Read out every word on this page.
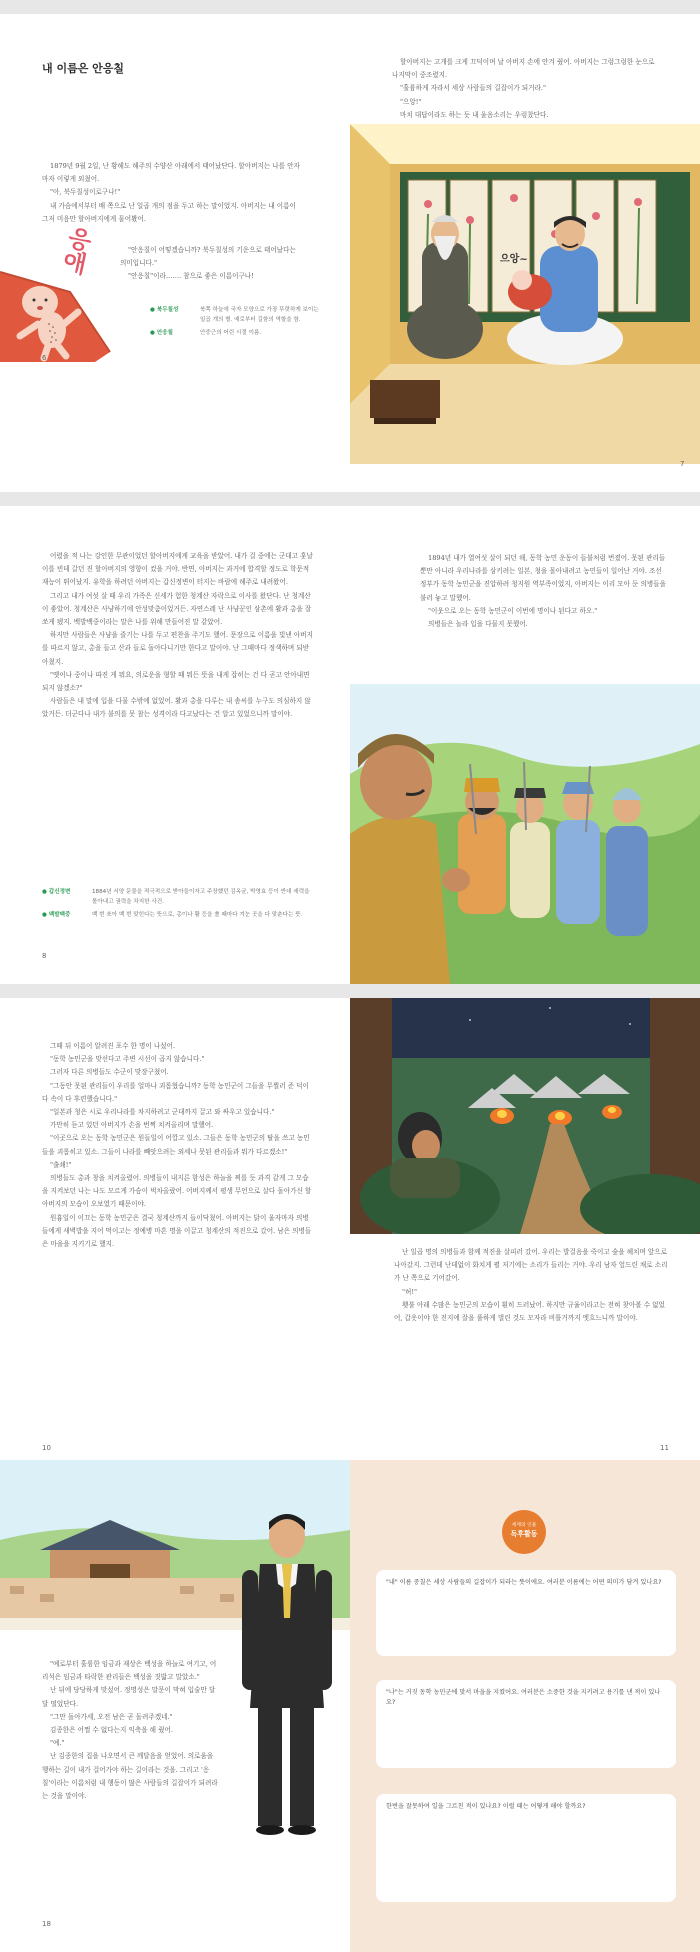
내 이름은 안응칠

1879년 9월 2일, 난 황해도 해주의 수양산 아래에서 태어났단다. 할아버지는 나를 안자마자 이렇게 외쳤어.

"아, 북두칠성이로구나!"

내 가슴에서부터 배 쪽으로 난 일곱 개의 점을 두고 하는 말이었지. 아버지는 내 이름이 그저 미음만 할아버지에게 물어봤어.

"안응칠이 어떻겠습니까? 북두칠성의 기운으로 태어났다는 의미입니다."

"안응칠"이라……. 참으로 좋은 이름이구나!

응애
● 북두칠성	북쪽 하늘에 국자 모양으로 가장 뚜렷하게 보이는 일곱 개의 별. 예로부터 길함의 역할을 함.
● 안응칠	안중근의 어린 시절 이름.
6

할아버지는 고개를 크게 끄덕이며 날 아버지 손에 안겨 줬어. 아버지는 그렁그렁한 눈으로 나지막이 중조렸지.

"훌륭하게 자라서 세상 사람들의 길잡이가 되거라."

"으앙!"

마치 대답이라도 하는 듯 내 울음소리는 우렁찼단다.

으앙~
7

어렸을 적 나는 강인한 무관이었던 할아버지에게 교육을 받았어. 내가 걸 중에는 군대고 훗날이를 빈데 갈던 진 할아버지의 영향이 컸을 거야. 반면, 아버지는 과거에 합격할 정도로 학문적 재능이 뛰어났지. 유학을 하려던 아버지는 갑신정변이 터지는 바람에 해주로 내려왔어.

그리고 내가 여섯 살 때 우리 가족은 신세가 험한 청계산 자락으로 이사를 왔단다. 난 청계산이 좋았어. 청계산은 사냥하기에 안성맞춤이었거든. 자연스레 난 사냥꾼인 삼촌에 활과 총을 잘 쏘게 됐지. 백발백중이라는 말은 나를 위해 만들어진 말 같았어.

하지만 사람들은 사냥을 즐기는 나를 두고 편찬을 주기도 했어. 문장으로 이름을 빛낸 아버지를 따르지 않고, 총을 들고 산과 들로 돌아다니기만 한다고 말이야. 난 그때마다 정색하며 되받아쳤지.

"옛이나 중이나 따진 게 뭐요, 의로운을 형할 때 뭐든 뜻을 내게 잡히는 건 다 곧고 안아내면 되지 않겠소?"

사람들은 내 말에 입을 다물 수밖에 없었어. 활과 총을 다루는 내 솜씨를 누구도 의심하지 않았거든. 더군다나 내가 불의를 못 참는 성격이라 다고났다는 건 알고 있었으니까 말이야.

● 갑신정변	1884년 서양 문물을 적극적으로 받아들이자고 주장했던 김옥균, 박영효 등이 반대 세력을 몰아내고 권력을 차지한 사건.
● 백발백중	백 번 쏘아 백 번 맞힌다는 뜻으로, 총이나 활 등을 쏠 때마다 겨눈 곳을 다 맞춘다는 뜻.
8

1894년 내가 열여섯 살이 되던 해, 동학 농민 운동이 들불처럼 번졌어. 못된 관리들뿐만 아니라 우리나라를 삼키려는 일본, 청을 몰아내려고 농민들이 일어난 거야. 조선 정부가 동학 농민군을 진압하려 청지원 역부족이었지, 아버지는 이리 모아 둔 의병들을 불러 놓고 말했어.

"이웃으로 오는 동학 농민군이 이번에 명이나 된다고 하오."

의병들은 놀라 입을 다물지 못했어.

그때 뒤 이름이 알려진 포수 한 명이 나섰어.

"동학 농민군을 맞선다고 주변 시선이 곱지 않습니다."

그러자 다른 의병들도 수군이 맞장구쳤어.

"그동안 못된 관리들이 우리를 얼마나 괴롭혔습니까? 동학 농민군이 그들을 무찔러 준 덕이다 속이 다 후련했습니다."

"일본과 청은 시로 우리나라를 차지하려고 군대까지 끌고 와 싸우고 있습니다."

가만히 듣고 있던 아버지가 손을 번쩍 치켜올리며 말했어.

"이곳으로 오는 동학 농민군은 원들일이 어깝고 있소. 그들은 동학 농민군의 탈을 쓰고 농민들을 괴롭히고 있소. 그들이 나라를 빼앗으려는 외세나 못된 관리들과 뭐가 다르겠소!"

"출쇄!"

의병들도 총과 창을 치켜올렸어. 의병들이 내지른 함성은 하늘을 찌를 듯 과격 같게 그 모습을 지켜보던 나는 나도 모르게 가슴이 벅차올랐어. 어버지께서 평생 무언으로 살다 돌아가신 할아버지의 모습이 오보였기 때문이야.

원흉일이 이끄는 동학 농민군은 결국 청계산까지 들이닥쳤어. 아버지는 닭이 울자마자 의병들에게 새벽밥을 지어 먹이고는 정예병 마흔 명을 이끌고 청계산의 적진으로 갔어. 남은 의병들은 마을을 지키기로 했지.

10

난 일곱 명의 의병들과 함께 적진을 살피러 갔어. 우리는 발걸음을 죽이고 숲을 헤치며 앞으로 나아갔지. 그런데 난데없이 화치게 펼 저기에는 소리가 들리는 거야. 우리 남자 엎드린 채로 소리가 난 쪽으로 기어갔어.

"허!"

횃불 아래 수많은 농민군의 모습이 훤히 드러났어. 하지만 규율이라고는 전혀 찾아볼 수 없었어, 갑옷이야 한 진지에 잘을 풀하게 벌린 것도 모자라 비틀거까지 엣흐느니까 말이야.

11

"예로부터 훌륭한 임금과 재상은 백성을 하늘로 여기고, 어리석은 임금과 타락한 관리들은 백성을 짓밟고 말았소."

난 뒤에 당당하게 맞섰어. 정명성은 말문이 막혀 입술만 달달 떨었단다.

"그만 돌아가세, 오전 남은 곧 돌려주겠네."

김종한은 어쩔 수 없다는지 익축을 해 줬어.

"예."

난 김종한의 집을 나오면서 큰 깨달음을 얻었어. 의로움을 행하는 길이 내가 걸어가야 하는 길이라는 것을. 그리고 '응칠'이라는 이름처럼 내 행동이 많은 사람들의 길잡이가 되려라는 것을 말이야.

18
세계의 인물
독후활동
"내" 이름 중칠은 세상 사람들의 길잡이가 되라는 뜻이에요. 여러분 이름에는 어떤 의미가 담겨 있나요?
"나"는 거짓 동학 농민군에 맞서 마을을 지켰어요. 여러분은 소중한 것을 지키려고 용기를 낸 적이 있나요?
한번을 잘못하여 일을 그르친 적이 있나요? 이럴 때는 어떻게 해야 할까요?
